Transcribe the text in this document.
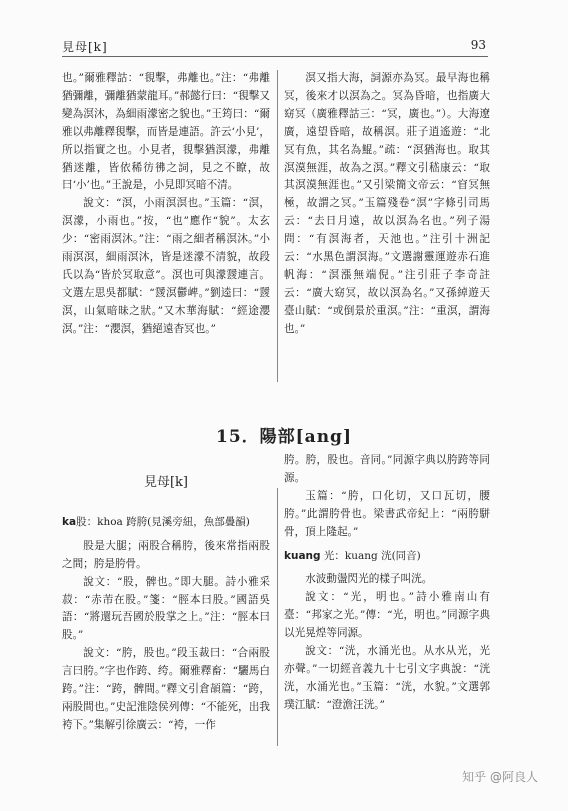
見母[k]	93

也。”爾雅釋詁：“覒擊，弗離也。”注：“弗離猶彌離，彌離猶蒙龍耳。”郝懿行曰：“覒擊又變為溟沐，為細雨濛密之貌也。”王筠曰：“爾雅以弗離釋覒擊，而皆是連語。許云‘小見’，所以指實之也。小見者，覒擊猶溟濛，弗離猶迷離，皆依稀彷彿之詞，見之不瞭，故曰‘小’也。”王說是，小見即冥暗不清。

說文：“溟，小雨溟溟也。”玉篇：“溟，溟濛，小雨也。”按，“也”應作“貌”。太玄少：“密雨溟沐。”注：“雨之細者稱溟沐。”小雨溟溟，細雨溟沐，皆是迷濛不清貌，故段氏以為“皆於冥取意”。溟也可與濛靉連言。文選左思吳都賦：“靉溟鬱崥。”劉逵曰：“靉溟，山氣暗昧之狀。”又木華海賦：“經途瀴溟。”注：“瀴溟，猶絕遠杳冥也。”

溟又指大海，詞源亦為冥。最早海也稱冥，後來才以溟為之。冥為昏暗，也指廣大窈冥（廣雅釋詁三：“冥，廣也。”）。大海遼廣，遠望昏暗，故稱溟。莊子逍遙遊：“北冥有魚，其名為鯤。”疏：“溟猶海也。取其溟漠無涯，故為之溟。”釋文引嵇康云：“取其溟漠無涯也。”又引梁簡文帝云：“窅冥無極，故謂之冥。”玉篇殘卷“溟”字條引司馬云：“去日月遠，故以溟為名也。”列子湯問：“有溟海者，天池也。”注引十洲記云：“水黑色謂溟海。”文選謝靈運遊赤石進帆海：“溟漲無端倪。”注引莊子李奇註云：“廣大窈冥，故以溟為名。”又孫綽遊天臺山賦：“或倒景於重溟。”注：“重溟，謂海也。”

15．陽部[ang]
見母[k]
ka股：khoa 跨胯(見溪旁紐，魚部疊韻)

股是大腿；兩股合稱胯，後來常指兩股之間；胯是胯骨。

說文：“股，髀也。”即大腿。詩小雅采菽：“赤芾在股。”箋：“脛本曰股。”國語吳語：“將還玩吾國於股掌之上。”注：“脛本曰股。”

說文：“胯，股也。”段玉裁曰：“合兩股言曰胯。”字也作跨、绔。爾雅釋畜：“驪馬白跨。”注：“跨，髀間。”釋文引倉頡篇：“跨，兩股間也。”史記淮陰侯列傳：“不能死，出我袴下。”集解引徐廣云：“袴，一作

胯。胯，股也。音同。”同源字典以胯跨等同源。

玉篇：“胯，口化切，又口瓦切，腰胯。”此謂胯骨也。梁書武帝紀上：“兩胯駢骨，頂上隆起。”

kuang 光：kuang 洸(同音)

水波動盪閃光的樣子叫洸。

說文：“光，明也。”詩小雅南山有臺：“邦家之光。”傳：“光，明也。”同源字典以光晃煌等同源。

說文：“洸，水涌光也。从水从光，光亦聲。”一切經音義九十七引文字典說：“洸洸，水涌光也。”玉篇：“洸，水貌。”文選郭璞江賦：“澄澹汪洸。”

知乎 @阿良人
